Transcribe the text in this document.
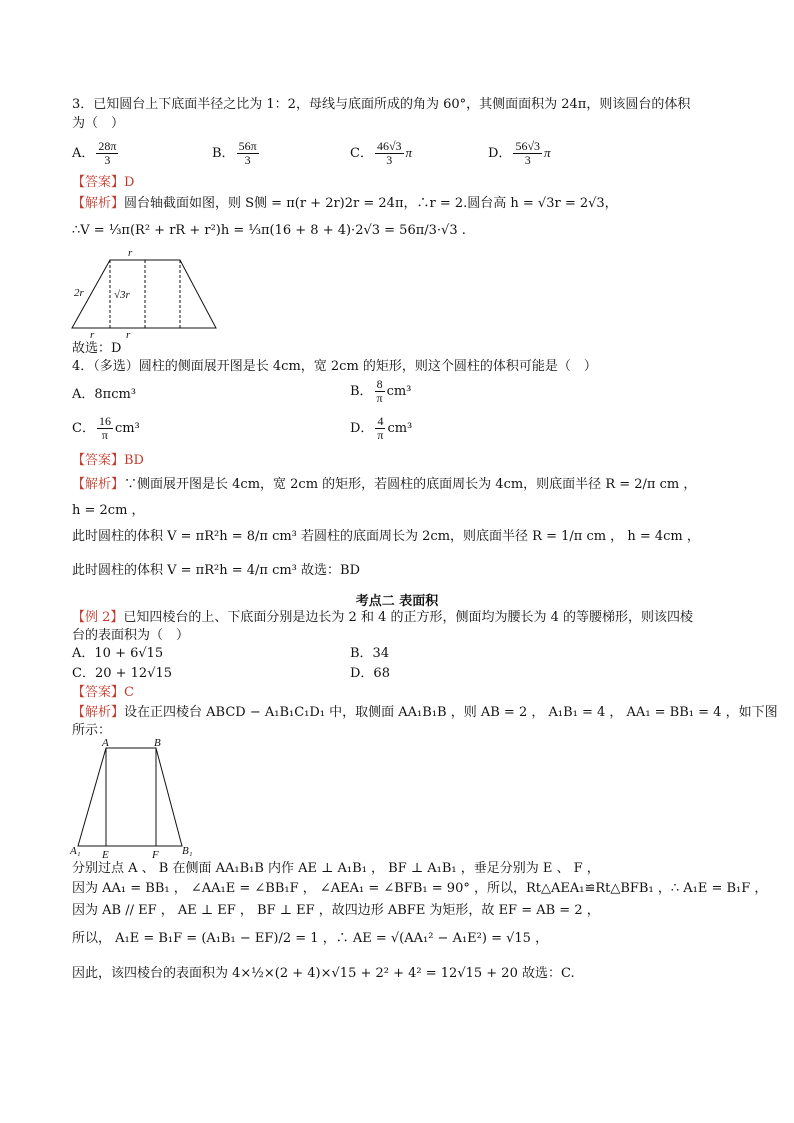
3．已知圆台上下底面半径之比为 1：2，母线与底面所成的角为 60°，其侧面面积为 24π，则该圆台的体积
为（　）
A． $\frac{28\pi}{3}$	B． $\frac{56\pi}{3}$	C． $\frac{46√3}{3}$ π	D． $\frac{56√3}{3}$ π
【答案】D
【解析】圆台轴截面如图，则 S侧 = π(r + 2r)2r = 24π，∴r = 2.圆台高 h = √3r = 2√3，
∴V = ⅓π(R² + rR + r²)h = ⅓π(16 + 8 + 4)·2√3 = 56π/3·√3 .
r
2r	√3r
r	r
故选：D
4．（多选）圆柱的侧面展开图是长 4cm，宽 2cm 的矩形，则这个圆柱的体积可能是（　）
A．8πcm³	B． $\frac{8}{\pi} cm^3$
C． $\frac{16}{\pi} cm^3$	D． $\frac{4}{\pi} cm^3$
【答案】BD
【解析】∵侧面展开图是长 4cm，宽 2cm 的矩形，若圆柱的底面周长为 4cm，则底面半径 R = 2/π cm ，
h = 2cm ，
此时圆柱的体积 V = πR²h = 8/π cm³ 若圆柱的底面周长为 2cm，则底面半径 R = 1/π cm ， h = 4cm ，
此时圆柱的体积 V = πR²h = 4/π cm³ 故选：BD
考点二 表面积
【例 2】已知四棱台的上、下底面分别是边长为 2 和 4 的正方形，侧面均为腰长为 4 的等腰梯形，则该四棱
台的表面积为（　）
A．10 + 6√15	B．34
C．20 + 12√15	D．68
【答案】C
【解析】设在正四棱台 ABCD − A₁B₁C₁D₁ 中，取侧面 AA₁B₁B ，则 AB = 2 ， A₁B₁ = 4 ， AA₁ = BB₁ = 4 ，如下图
所示：
A	B
A₁ E	F B₁
分别过点 A 、 B 在侧面 AA₁B₁B 内作 AE ⊥ A₁B₁ ， BF ⊥ A₁B₁ ，垂足分别为 E 、 F ，
因为 AA₁ = BB₁ ， ∠AA₁E = ∠BB₁F ， ∠AEA₁ = ∠BFB₁ = 90° ，所以，Rt△AEA₁≌Rt△BFB₁ ，∴ A₁E = B₁F ，
因为 AB // EF ， AE ⊥ EF ， BF ⊥ EF ，故四边形 ABFE 为矩形，故 EF = AB = 2 ，
所以， A₁E = B₁F = (A₁B₁ − EF)/2 = 1 ，∴ AE = √(AA₁² − A₁E²) = √15 ，
因此，该四棱台的表面积为 4×½×(2 + 4)×√15 + 2² + 4² = 12√15 + 20 故选：C.
